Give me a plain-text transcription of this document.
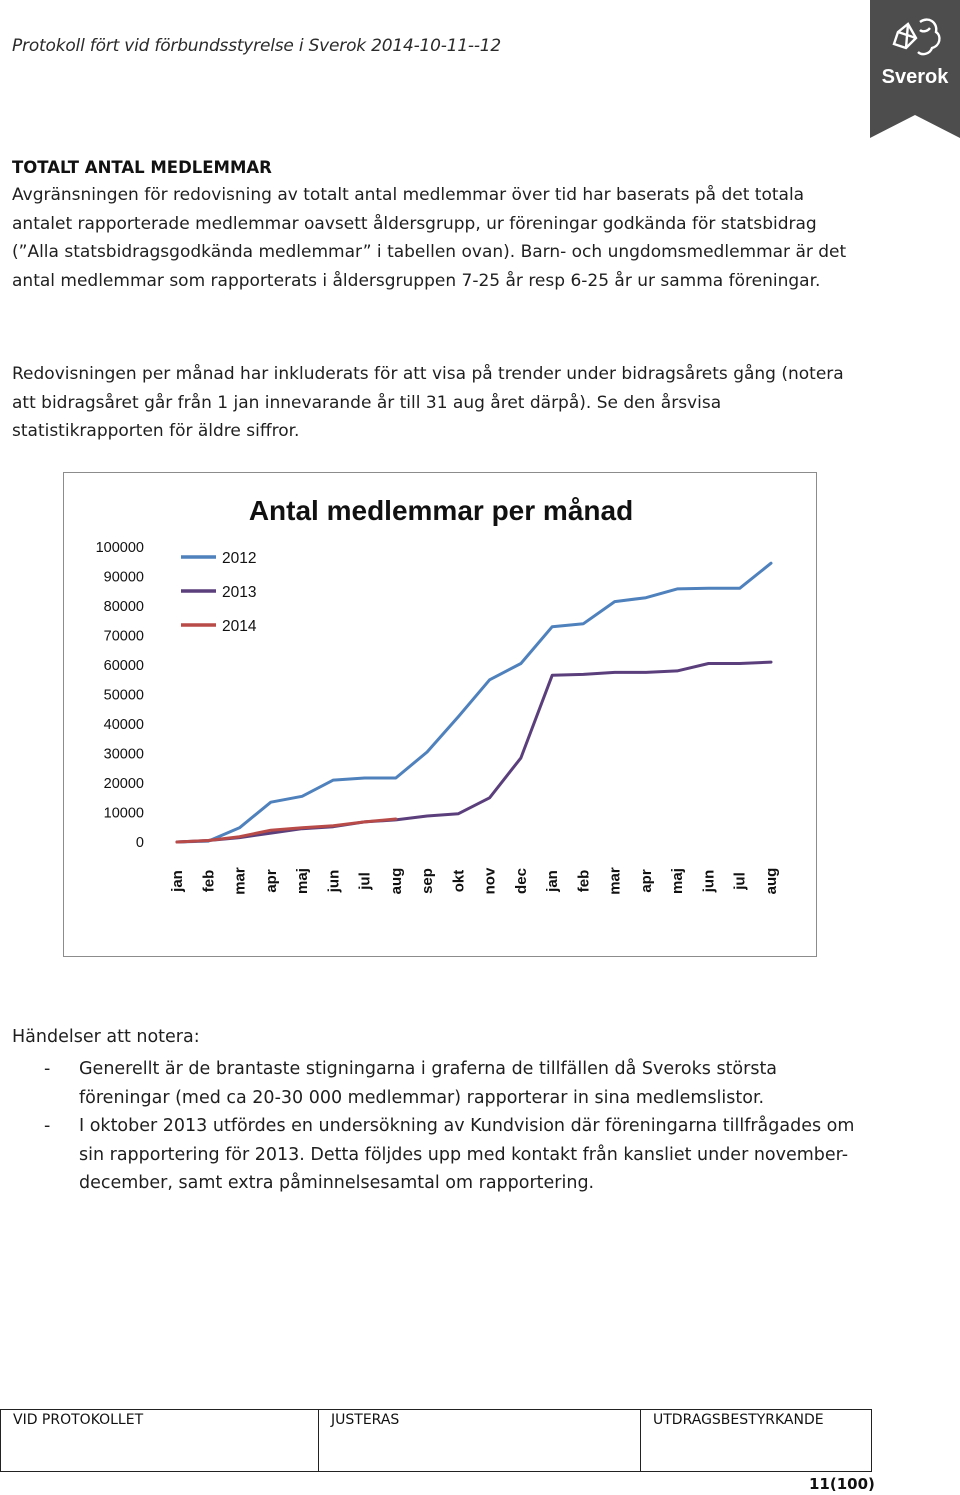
Protokoll fört vid förbundsstyrelse i Sverok 2014-10-11--12
Sverok
TOTALT ANTAL MEDLEMMAR
Avgränsningen för redovisning av totalt antal medlemmar över tid har baserats på det totala antalet rapporterade medlemmar oavsett åldersgrupp, ur föreningar godkända för statsbidrag (”Alla statsbidragsgodkända medlemmar” i tabellen ovan). Barn- och ungdomsmedlemmar är det antal medlemmar som rapporterats i åldersgruppen 7-25 år resp 6-25 år ur samma föreningar.
Redovisningen per månad har inkluderats för att visa på trender under bidragsårets gång (notera att bidragsåret går från 1 jan innevarande år till 31 aug året därpå). Se den årsvisa statistikrapporten för äldre siffror.
Antal medlemmar per månad
100000
90000
80000
70000
60000
50000
40000
30000
20000
10000
0
jan feb mar apr maj jun jul aug sep okt nov dec jan feb mar apr maj jun jul aug
2012
2013
2014
Händelser att notera:
- Generellt är de brantaste stigningarna i graferna de tillfällen då Sveroks största föreningar (med ca 20-30 000 medlemmar) rapporterar in sina medlemslistor.
- I oktober 2013 utfördes en undersökning av Kundvision där föreningarna tillfrågades om sin rapportering för 2013. Detta följdes upp med kontakt från kansliet under november-december, samt extra påminnelsesamtal om rapportering.
VID PROTOKOLLET	JUSTERAS	UTDRAGSBESTYRKANDE
11(100)
